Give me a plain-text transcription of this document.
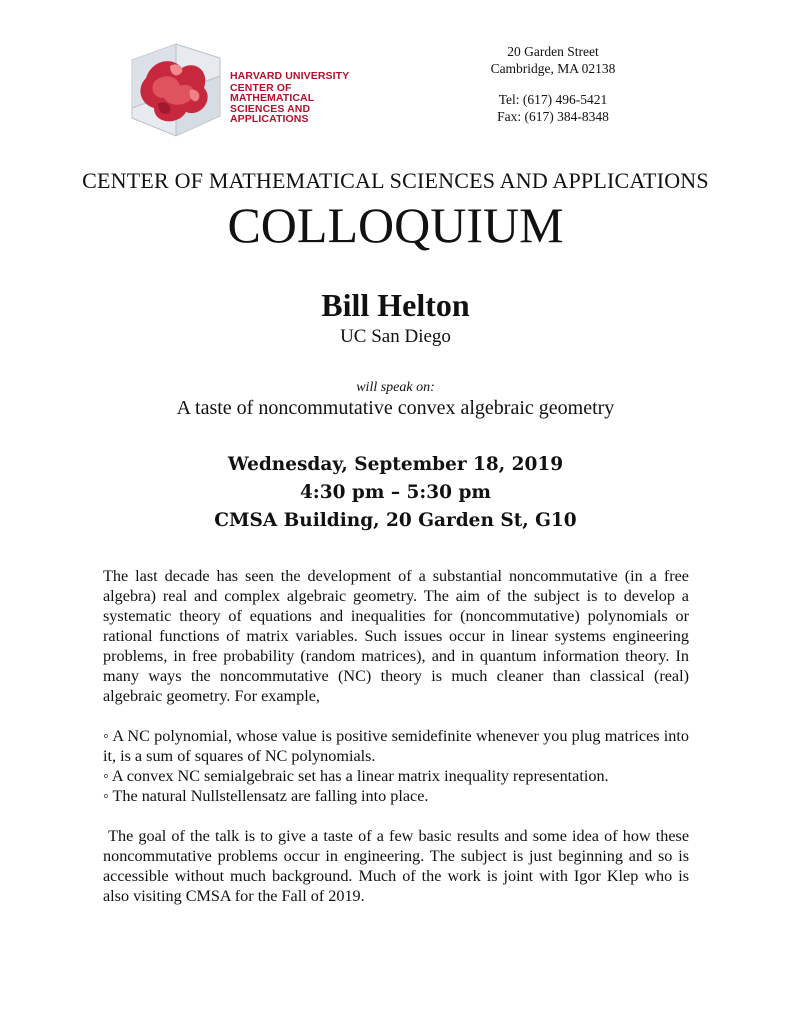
HARVARD UNIVERSITY
CENTER OF MATHEMATICAL
SCIENCES AND APPLICATIONS
20 Garden Street
Cambridge, MA 02138
Tel: (617) 496-5421
Fax: (617) 384-8348
CENTER OF MATHEMATICAL SCIENCES AND APPLICATIONS
COLLOQUIUM
Bill Helton
UC San Diego
will speak on:
A taste of noncommutative convex algebraic geometry
Wednesday, September 18, 2019
4:30 pm – 5:30 pm
CMSA Building, 20 Garden St, G10

The last decade has seen the development of a substantial noncommutative (in a free algebra) real and complex algebraic geometry. The aim of the subject is to develop a systematic theory of equations and inequalities for (noncommutative) polynomials or rational functions of matrix variables. Such issues occur in linear systems engineering problems, in free probability (random matrices), and in quantum information theory. In many ways the noncommutative (NC) theory is much cleaner than classical (real) algebraic geometry. For example,

◦ A NC polynomial, whose value is positive semidefinite whenever you plug matrices into it, is a sum of squares of NC polynomials.

◦ A convex NC semialgebraic set has a linear matrix inequality representation.

◦ The natural Nullstellensatz are falling into place.

The goal of the talk is to give a taste of a few basic results and some idea of how these noncommutative problems occur in engineering. The subject is just beginning and so is accessible without much background. Much of the work is joint with Igor Klep who is also visiting CMSA for the Fall of 2019.
